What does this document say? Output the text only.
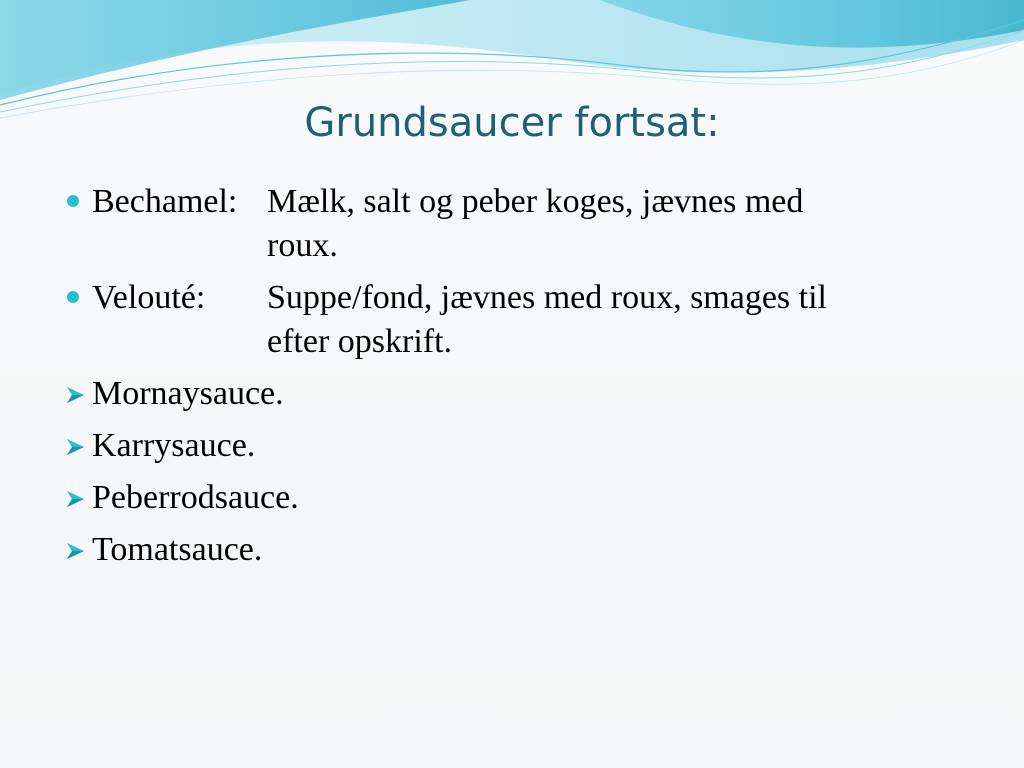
Grundsaucer fortsat:
Bechamel: Mælk, salt og peber koges, jævnes med
roux.
Velouté: Suppe/fond, jævnes med roux, smages til
efter opskrift.
Mornaysauce.
Karrysauce.
Peberrodsauce.
Tomatsauce.
